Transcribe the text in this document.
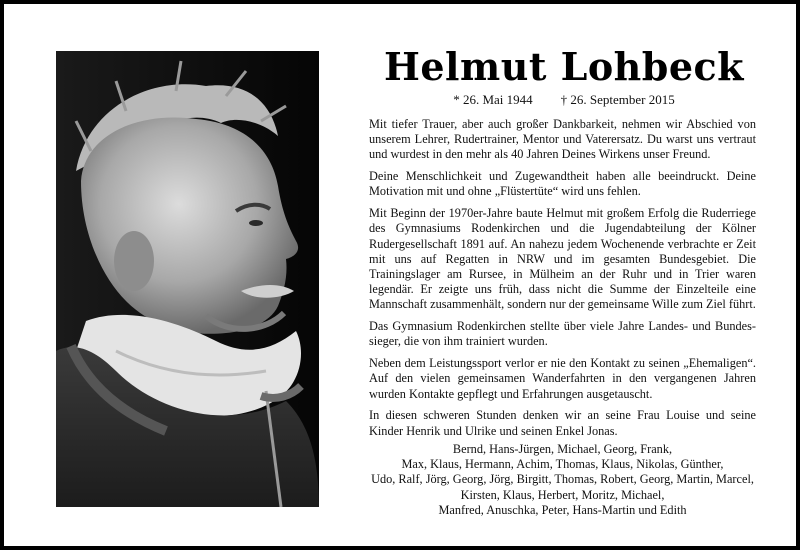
Helmut Lohbeck
* 26. Mai 1944 † 26. September 2015

Mit tiefer Trauer, aber auch großer Dankbarkeit, nehmen wir Abschied von unserem Lehrer, Rudertrainer, Mentor und Vaterersatz. Du warst uns vertraut und wurdest in den mehr als 40 Jahren Deines Wirkens unser Freund.

Deine Menschlichkeit und Zugewandtheit haben alle beeindruckt. Deine Motivation mit und ohne „Flüstertüte“ wird uns fehlen.

Mit Beginn der 1970er-Jahre baute Helmut mit großem Erfolg die Ruderriege des Gymnasiums Rodenkirchen und die Jugendabteilung der Kölner Rudergesellschaft 1891 auf. An nahezu jedem Wochenende verbrachte er Zeit mit uns auf Regatten in NRW und im gesamten Bundesgebiet. Die Trainingslager am Rursee, in Mülheim an der Ruhr und in Trier waren legendär. Er zeigte uns früh, dass nicht die Summe der Einzelteile eine Mannschaft zusammenhält, sondern nur der gemeinsame Wille zum Ziel führt.

Das Gymnasium Rodenkirchen stellte über viele Jahre Landes- und Bundessieger, die von ihm trainiert wurden.

Neben dem Leistungssport verlor er nie den Kontakt zu seinen „Ehemaligen“. Auf den vielen gemeinsamen Wanderfahrten in den vergangenen Jahren wurden Kontakte gepflegt und Erfahrungen ausgetauscht.

In diesen schweren Stunden denken wir an seine Frau Louise und seine Kinder Henrik und Ulrike und seinen Enkel Jonas.

Bernd, Hans-Jürgen, Michael, Georg, Frank,
Max, Klaus, Hermann, Achim, Thomas, Klaus, Nikolas, Günther,
Udo, Ralf, Jörg, Georg, Jörg, Birgitt, Thomas, Robert, Georg, Martin, Marcel,
Kirsten, Klaus, Herbert, Moritz, Michael,
Manfred, Anuschka, Peter, Hans-Martin und Edith
